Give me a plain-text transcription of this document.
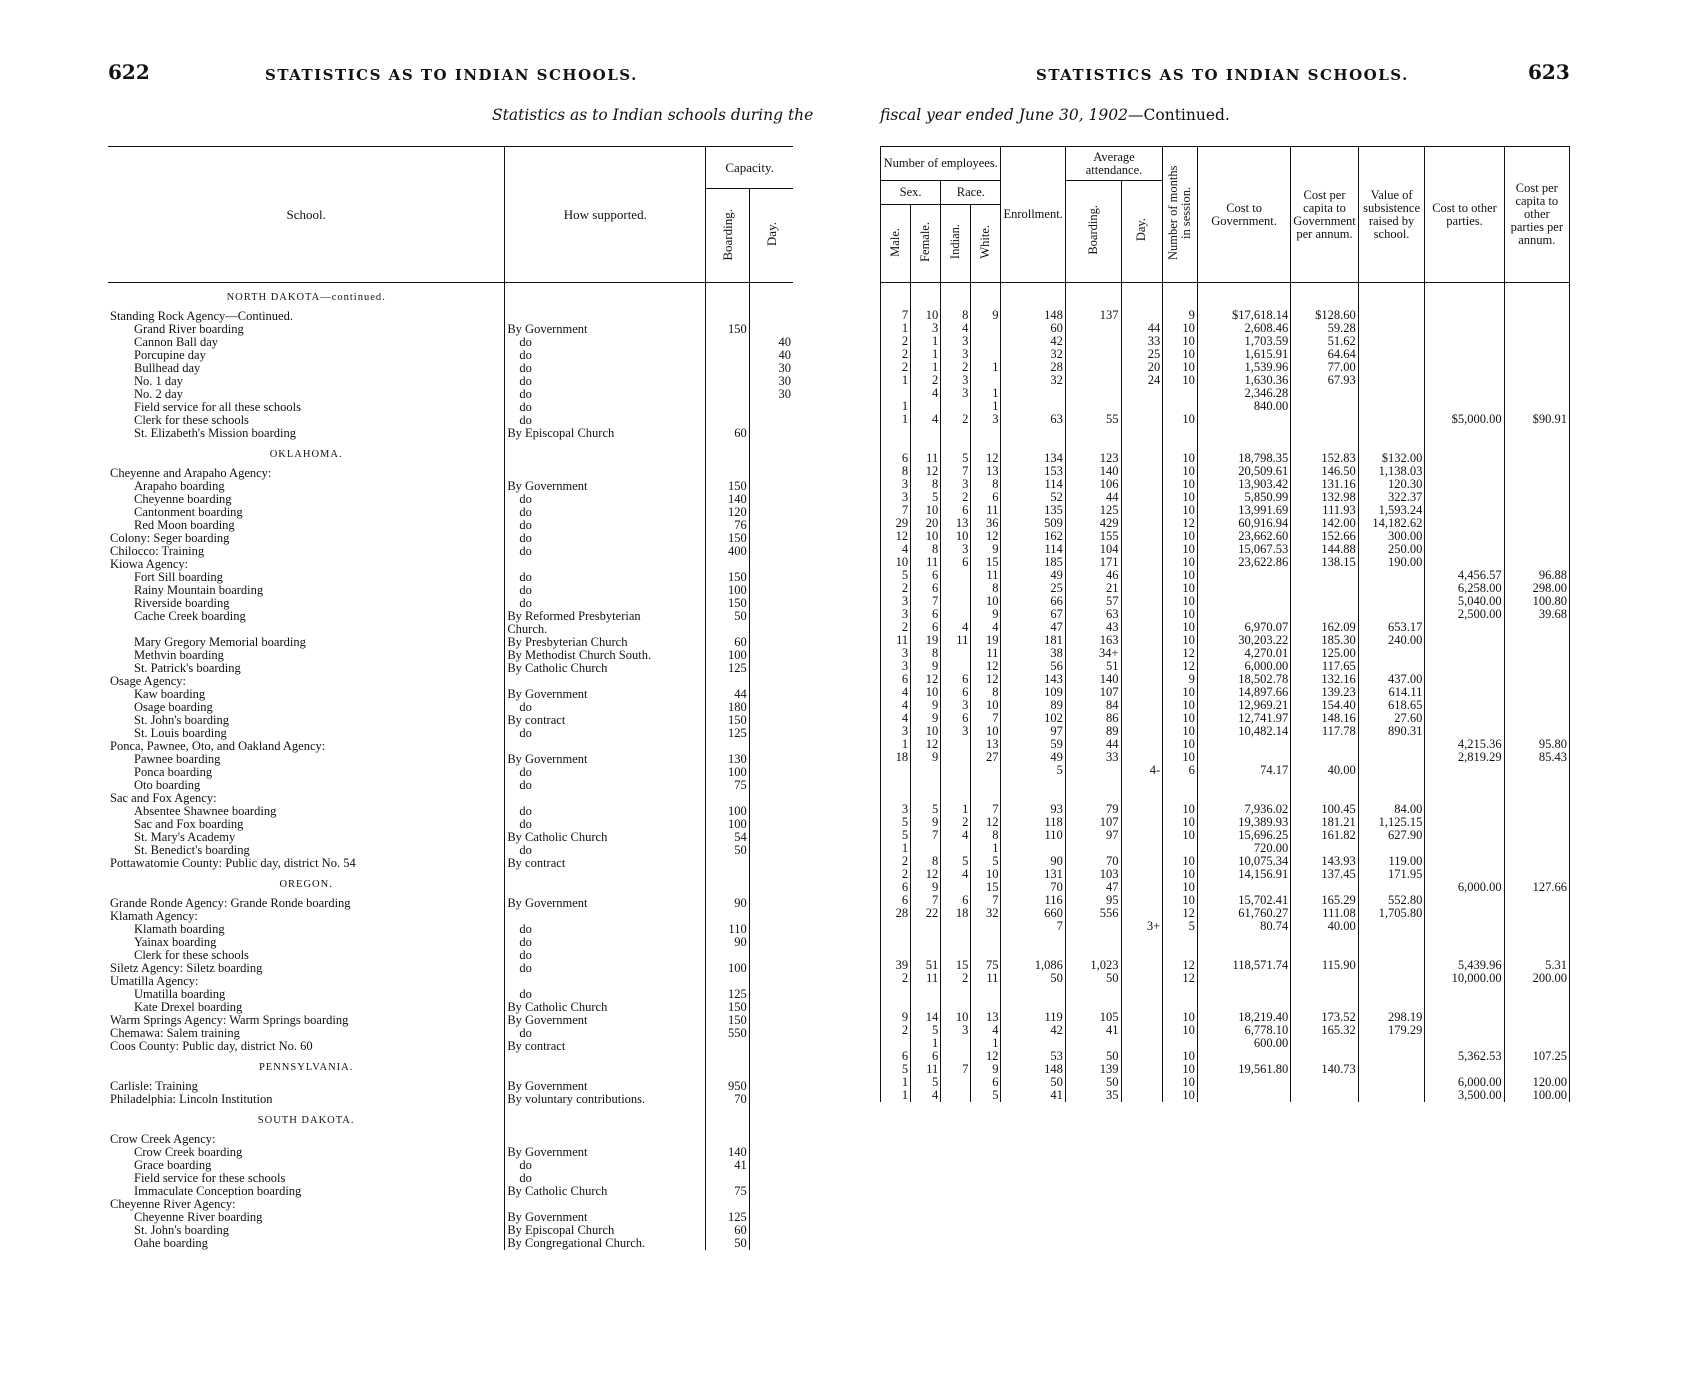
622	STATISTICS AS TO INDIAN SCHOOLS.
Statistics as to Indian schools during the
School.	How supported.	Capacity.	
		Boarding.	Day.
NORTH DAKOTA—continued.			
Standing Rock Agency—Continued.			
Grand River boarding	By Government	150	
Cannon Ball day	do		40
Porcupine day	do		40
Bullhead day	do		30
No. 1 day	do		30
No. 2 day	do		30
Field service for all these schools	do		
Clerk for these schools	do		
St. Elizabeth's Mission boarding	By Episcopal Church	60	
OKLAHOMA.			
Cheyenne and Arapaho Agency:			
Arapaho boarding	By Government	150	
Cheyenne boarding	do	140	
Cantonment boarding	do	120	
Red Moon boarding	do	76	
Colony: Seger boarding	do	150	
Chilocco: Training	do	400	
Kiowa Agency:			
Fort Sill boarding	do	150	
Rainy Mountain boarding	do	100	
Riverside boarding	do	150	
Cache Creek boarding	By Reformed Presbyterian	50	
	Church.		
Mary Gregory Memorial boarding	By Presbyterian Church	60	
Methvin boarding	By Methodist Church South.	100	
St. Patrick's boarding	By Catholic Church	125	
Osage Agency:			
Kaw boarding	By Government	44	
Osage boarding	do	180	
St. John's boarding	By contract	150	
St. Louis boarding	do	125	
Ponca, Pawnee, Oto, and Oakland Agency:			
Pawnee boarding	By Government	130	
Ponca boarding	do	100	
Oto boarding	do	75	
Sac and Fox Agency:			
Absentee Shawnee boarding	do	100	
Sac and Fox boarding	do	100	
St. Mary's Academy	By Catholic Church	54	
St. Benedict's boarding	do	50	
Pottawatomie County: Public day, district No. 54	By contract		
OREGON.			
Grande Ronde Agency: Grande Ronde boarding	By Government	90	
Klamath Agency:			
Klamath boarding	do	110	
Yainax boarding	do	90	
Clerk for these schools	do		
Siletz Agency: Siletz boarding	do	100	
Umatilla Agency:			
Umatilla boarding	do	125	
Kate Drexel boarding	By Catholic Church	150	
Warm Springs Agency: Warm Springs boarding	By Government	150	
Chemawa: Salem training	do	550	
Coos County: Public day, district No. 60	By contract		
PENNSYLVANIA.			
Carlisle: Training	By Government	950	
Philadelphia: Lincoln Institution	By voluntary contributions.	70	
SOUTH DAKOTA.			
Crow Creek Agency:			
Crow Creek boarding	By Government	140	
Grace boarding	do	41	
Field service for these schools	do		
Immaculate Conception boarding	By Catholic Church	75	
Cheyenne River Agency:			
Cheyenne River boarding	By Government	125	
St. John's boarding	By Episcopal Church	60	
Oahe boarding	By Congregational Church.	50	
fiscal year ended June 30, 1902—Continued.
STATISTICS AS TO INDIAN SCHOOLS.	623
Number of employees.				Enrollment.	Average attendance.		Number of months in session.	Cost to Government.	Cost per capita to Government per annum.	Value of subsistence raised by school.	Cost to other parties.	Cost per capita to other parties per annum.
Sex.		Race.			Boarding.	Day.						
Male.	Female.	Indian.	White.									

7	10	8	9	148	137		9	$17,618.14	$128.60			
1	3	4		60		44	10	2,608.46	59.28			
2	1	3		42		33	10	1,703.59	51.62			
2	1	3		32		25	10	1,615.91	64.64			
2	1	2	1	28		20	10	1,539.96	77.00			
1	2	3		32		24	10	1,630.36	67.93			
	4	3	1					2,346.28				
1			1					840.00				
1	4	2	3	63	55		10				$5,000.00	$90.91

6	11	5	12	134	123		10	18,798.35	152.83	$132.00		
8	12	7	13	153	140		10	20,509.61	146.50	1,138.03		
3	8	3	8	114	106		10	13,903.42	131.16	120.30		
3	5	2	6	52	44		10	5,850.99	132.98	322.37		
7	10	6	11	135	125		10	13,991.69	111.93	1,593.24		
29	20	13	36	509	429		12	60,916.94	142.00	14,182.62		

12	10	10	12	162	155		10	23,662.60	152.66	300.00		
4	8	3	9	114	104		10	15,067.53	144.88	250.00		
10	11	6	15	185	171		10	23,622.86	138.15	190.00		
5	6		11	49	46		10				4,456.57	96.88

2	6		8	25	21		10				6,258.00	298.00
3	7		10	66	57		10				5,040.00	100.80
3	6		9	67	63		10				2,500.00	39.68

2	6	4	4	47	43		10	6,970.07	162.09	653.17		
11	19	11	19	181	163		10	30,203.22	185.30	240.00		
3	8		11	38	34+		12	4,270.01	125.00			
3	9		12	56	51		12	6,000.00	117.65			

6	12	6	12	143	140		9	18,502.78	132.16	437.00		
4	10	6	8	109	107		10	14,897.66	139.23	614.11		
4	9	3	10	89	84		10	12,969.21	154.40	618.65		

4	9	6	7	102	86		10	12,741.97	148.16	27.60		
3	10	3	10	97	89		10	10,482.14	117.78	890.31		
1	12		13	59	44		10				4,215.36	95.80
18	9		27	49	33		10				2,819.29	85.43
				5		4-	6	74.17	40.00			

3	5	1	7	93	79		10	7,936.02	100.45	84.00		

5	9	2	12	118	107		10	19,389.93	181.21	1,125.15		
5	7	4	8	110	97		10	15,696.25	161.82	627.90		
1			1					720.00				
2	8	5	5	90	70		10	10,075.34	143.93	119.00		

2	12	4	10	131	103		10	14,156.91	137.45	171.95		
6	9		15	70	47		10				6,000.00	127.66
6	7	6	7	116	95		10	15,702.41	165.29	552.80		
28	22	18	32	660	556		12	61,760.27	111.08	1,705.80		
				7		3+	5	80.74	40.00			

39	51	15	75	1,086	1,023		12	118,571.74	115.90		5,439.96	5.31
2	11	2	11	50	50		12				10,000.00	200.00

9	14	10	13	119	105		10	18,219.40	173.52	298.19		
2	5	3	4	42	41		10	6,778.10	165.32	179.29		
	1		1					600.00				
6	6		12	53	50		10				5,362.53	107.25

5	11	7	9	148	139		10	19,561.80	140.73			
1	5		6	50	50		10				6,000.00	120.00
1	4		5	41	35		10				3,500.00	100.00
